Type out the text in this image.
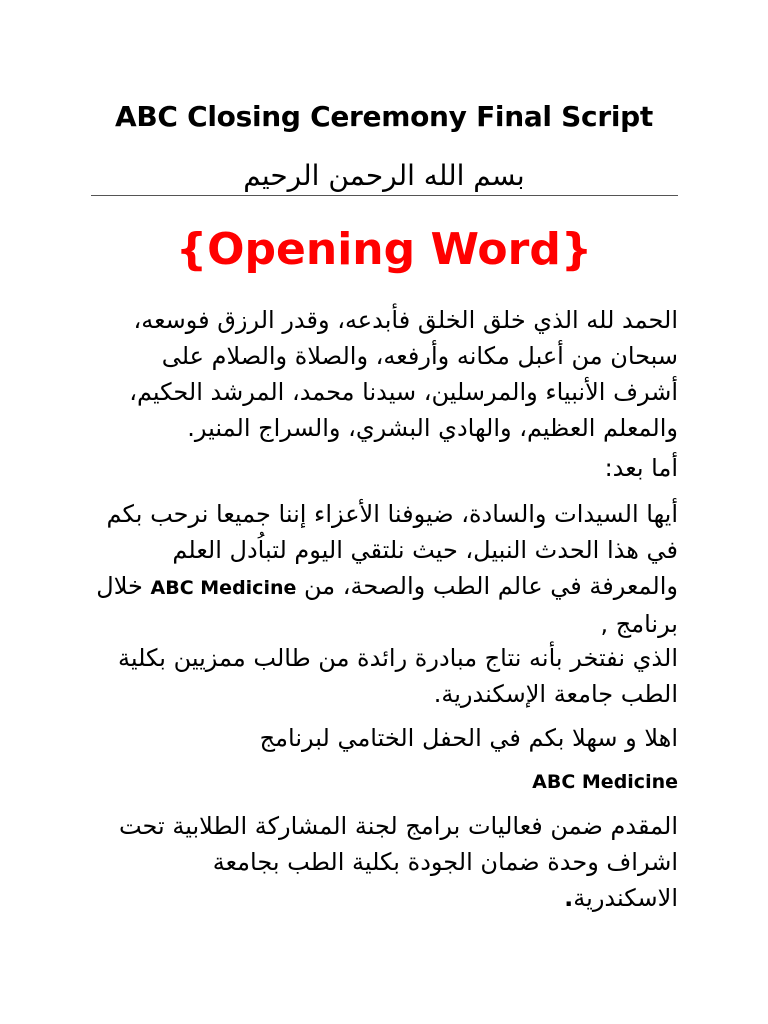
ABC Closing Ceremony Final Script
بسم الله الرحمن الرحيم
{Opening Word}
الحمد لله الذي خلق الخلق فأبدعه، وقدر الرزق فوسعه، سبحان من أعبل مكانه وأرفعه، والصلاة والصلام على أشرف الأنبياء والمرسلين، سيدنا محمد، المرشد الحكيم، والمعلم العظيم، والهادي البشري، والسراج المنير.
أما بعد:
أيها السيدات والسادة، ضيوفنا الأعزاء إننا جميعا نرحب بكم في هذا الحدث النبيل، حيث نلتقي اليوم لتباُدل العلم والمعرفة في عالم الطب والصحة، من ABC Medicine خلال برنامج ,
الذي نفتخر بأنه نتاج مبادرة رائدة من طالب ممزيين بكلية الطب جامعة الإسكندرية.
اهلا و سهلا بكم في الحفل الختامي لبرنامج
ABC Medicine
المقدم ضمن فعاليات برامج لجنة المشاركة الطلابية تحت اشراف وحدة ضمان الجودة بكلية الطب بجامعة الاسكندرية.
